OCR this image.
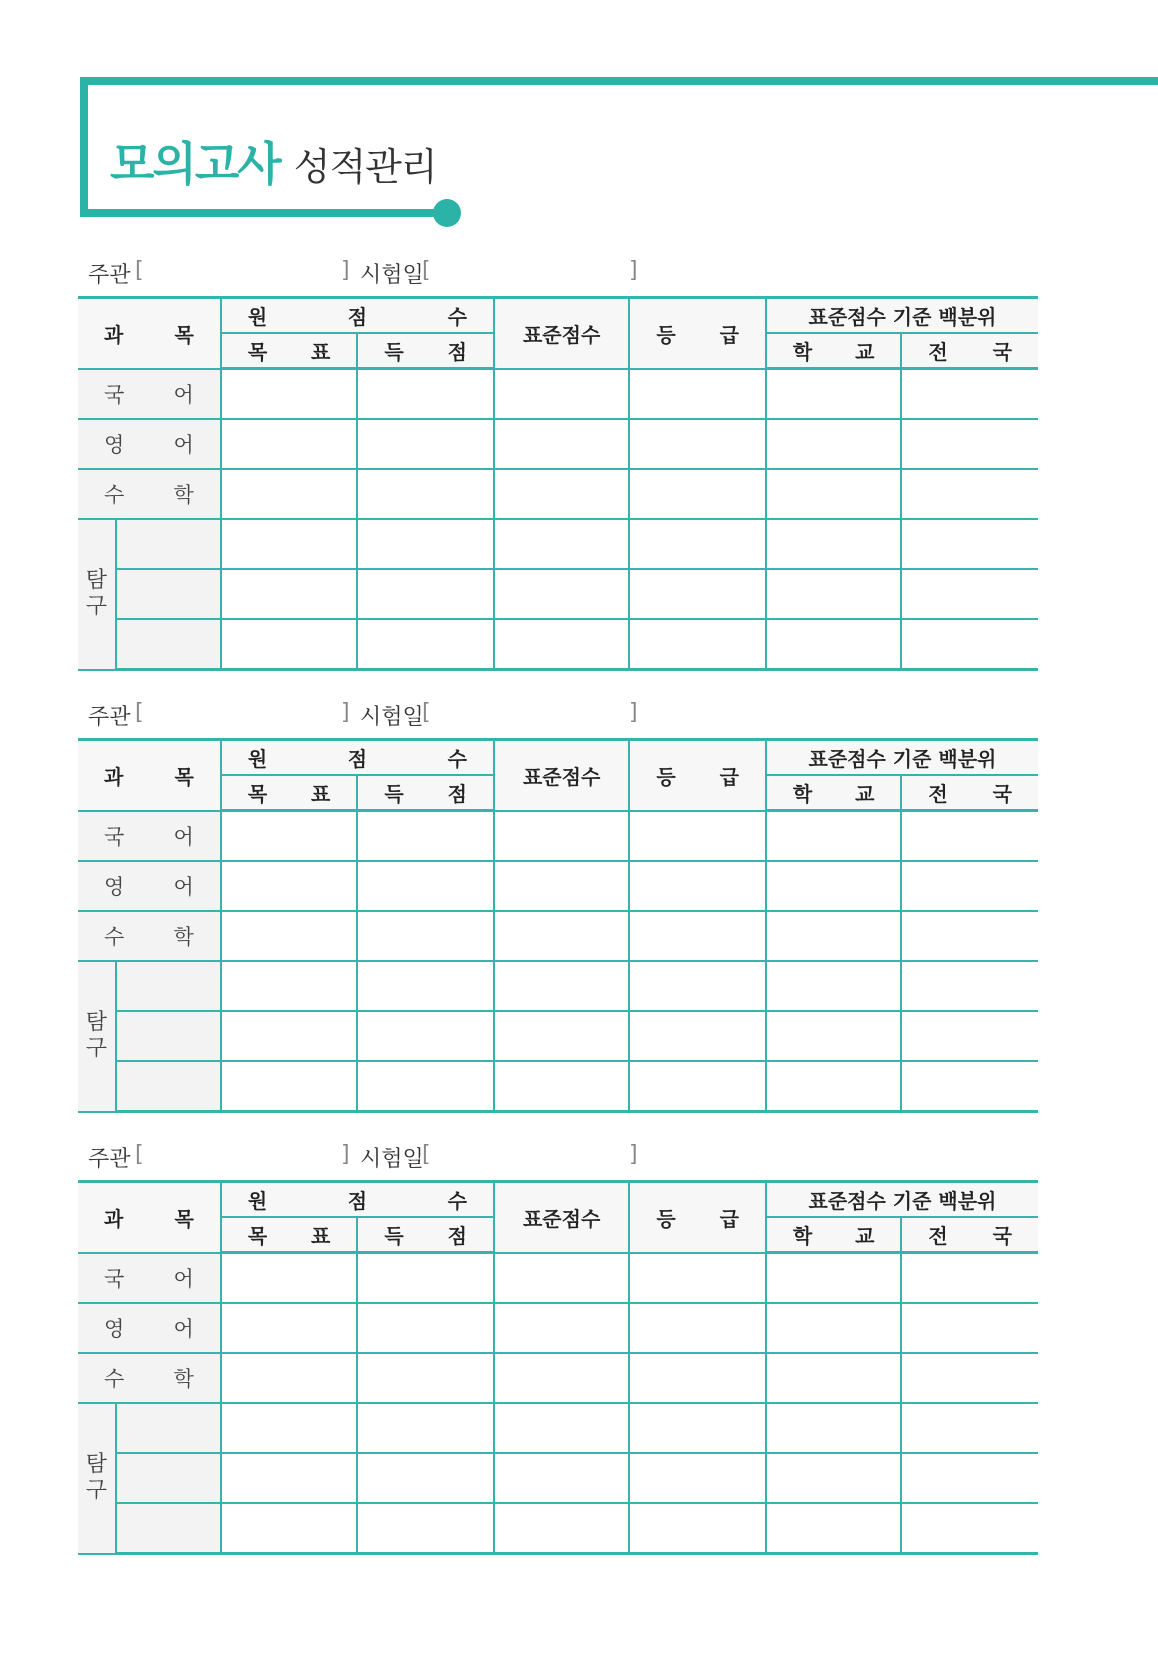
모의고사 성적관리
주관 [	] 시험일
[	]
과 목		원 점 수		표준점수	등 급	표준점수 기준 백분위	

		목 표	득 점			학 교	전 국

국 어							

영 어							

수 학							

탐구							

주관 [	] 시험일
[	]
과 목		원 점 수		표준점수	등 급	표준점수 기준 백분위	

		목 표	득 점			학 교	전 국

국 어							

영 어							

수 학							

탐구							

주관 [	] 시험일
[	]
과 목		원 점 수		표준점수	등 급	표준점수 기준 백분위	

		목 표	득 점			학 교	전 국

국 어							

영 어							

수 학							

탐구							
